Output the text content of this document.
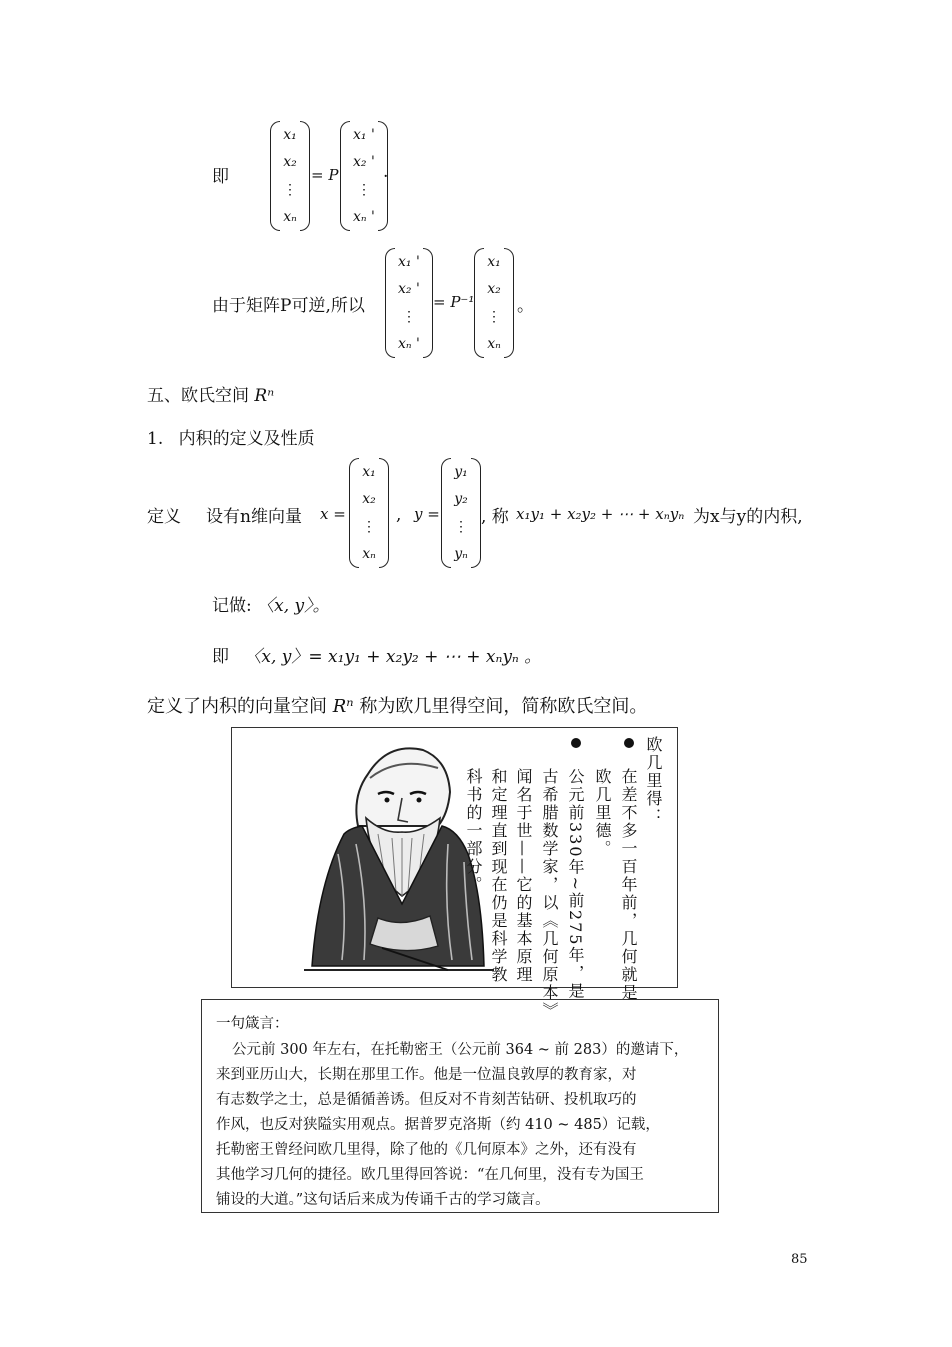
即
x₁
x₂
⋮
xₙ
= P
x₁ '
x₂ '
⋮
xₙ '
.
由于矩阵P可逆,所以
x₁ '
x₂ '
⋮
xₙ '
= P⁻¹
x₁
x₂
⋮
xₙ
。
五、欧氏空间 Rⁿ
1. 内积的定义及性质
定义 设有n维向量 x =
x₁
x₂
⋮
xₙ
, y =
y₁
y₂
⋮
yₙ
, 称 x₁y₁ + x₂y₂ + ⋯ + xₙyₙ 为x与y的内积,
记做: 〈x, y〉。
即 〈x, y〉= x₁y₁ + x₂y₂ + ⋯ + xₙyₙ 。
定义了内积的向量空间 Rⁿ 称为欧几里得空间，简称欧氏空间。
欧几里得：
在差不多一百年前，几何就是
欧几里德。
公元前330年~前275年，是
古希腊数学家，以《几何原本》
闻名于世——它的基本原理
和定理直到现在仍是科学教
科书的一部分。
一句箴言：
公元前 300 年左右，在托勒密王（公元前 364 ~ 前 283）的邀请下，
来到亚历山大，长期在那里工作。他是一位温良敦厚的教育家，对
有志数学之士，总是循循善诱。但反对不肯刻苦钻研、投机取巧的
作风，也反对狭隘实用观点。据普罗克洛斯（约 410 ~ 485）记载，
托勒密王曾经问欧几里得，除了他的《几何原本》之外，还有没有
其他学习几何的捷径。欧几里得回答说：“在几何里，没有专为国王
铺设的大道。”这句话后来成为传诵千古的学习箴言。
85
